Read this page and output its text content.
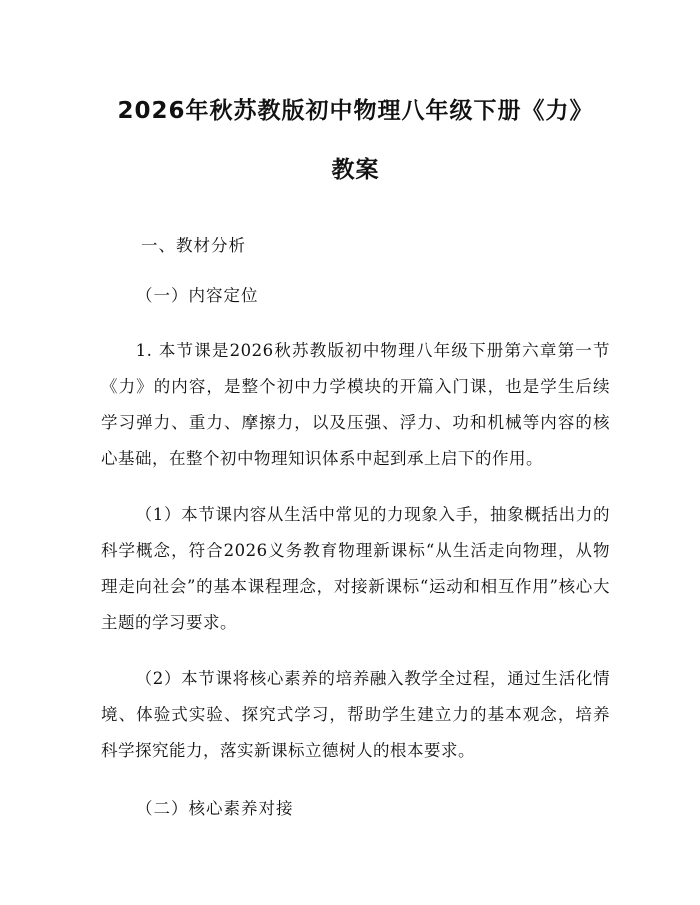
2026年秋苏教版初中物理八年级下册《力》
教案
一、教材分析
（一）内容定位

1. 本节课是2026秋苏教版初中物理八年级下册第六章第一节《力》的内容，是整个初中力学模块的开篇入门课，也是学生后续学习弹力、重力、摩擦力，以及压强、浮力、功和机械等内容的核心基础，在整个初中物理知识体系中起到承上启下的作用。

（1）本节课内容从生活中常见的力现象入手，抽象概括出力的科学概念，符合2026义务教育物理新课标“从生活走向物理，从物理走向社会”的基本课程理念，对接新课标“运动和相互作用”核心大主题的学习要求。

（2）本节课将核心素养的培养融入教学全过程，通过生活化情境、体验式实验、探究式学习，帮助学生建立力的基本观念，培养科学探究能力，落实新课标立德树人的根本要求。

（二）核心素养对接
